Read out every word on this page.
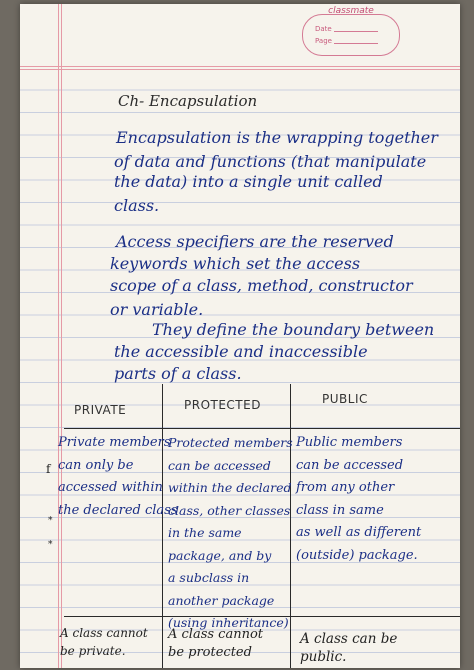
classmate
Date
Page
Ch- Encapsulation
Encapsulation is the wrapping together
of data and functions (that manipulate
the data) into a single unit called
class.
Access specifiers are the reserved
keywords which set the access
scope of a class, method, constructor
or variable.
They define the boundary between
the accessible and inaccessible
parts of a class.
PRIVATE	PROTECTED	PUBLIC
Private members
can only be
accessed within
the declared class
Protected members
can be accessed
within the declared
class, other classes
in the same
package, and by
a subclass in
another package
(using inheritance)
Public members
can be accessed
from any other
class in same
as well as different
(outside) package.
A class cannot
be private.
A class cannot
be protected
A class can be
public.
f
*
*
